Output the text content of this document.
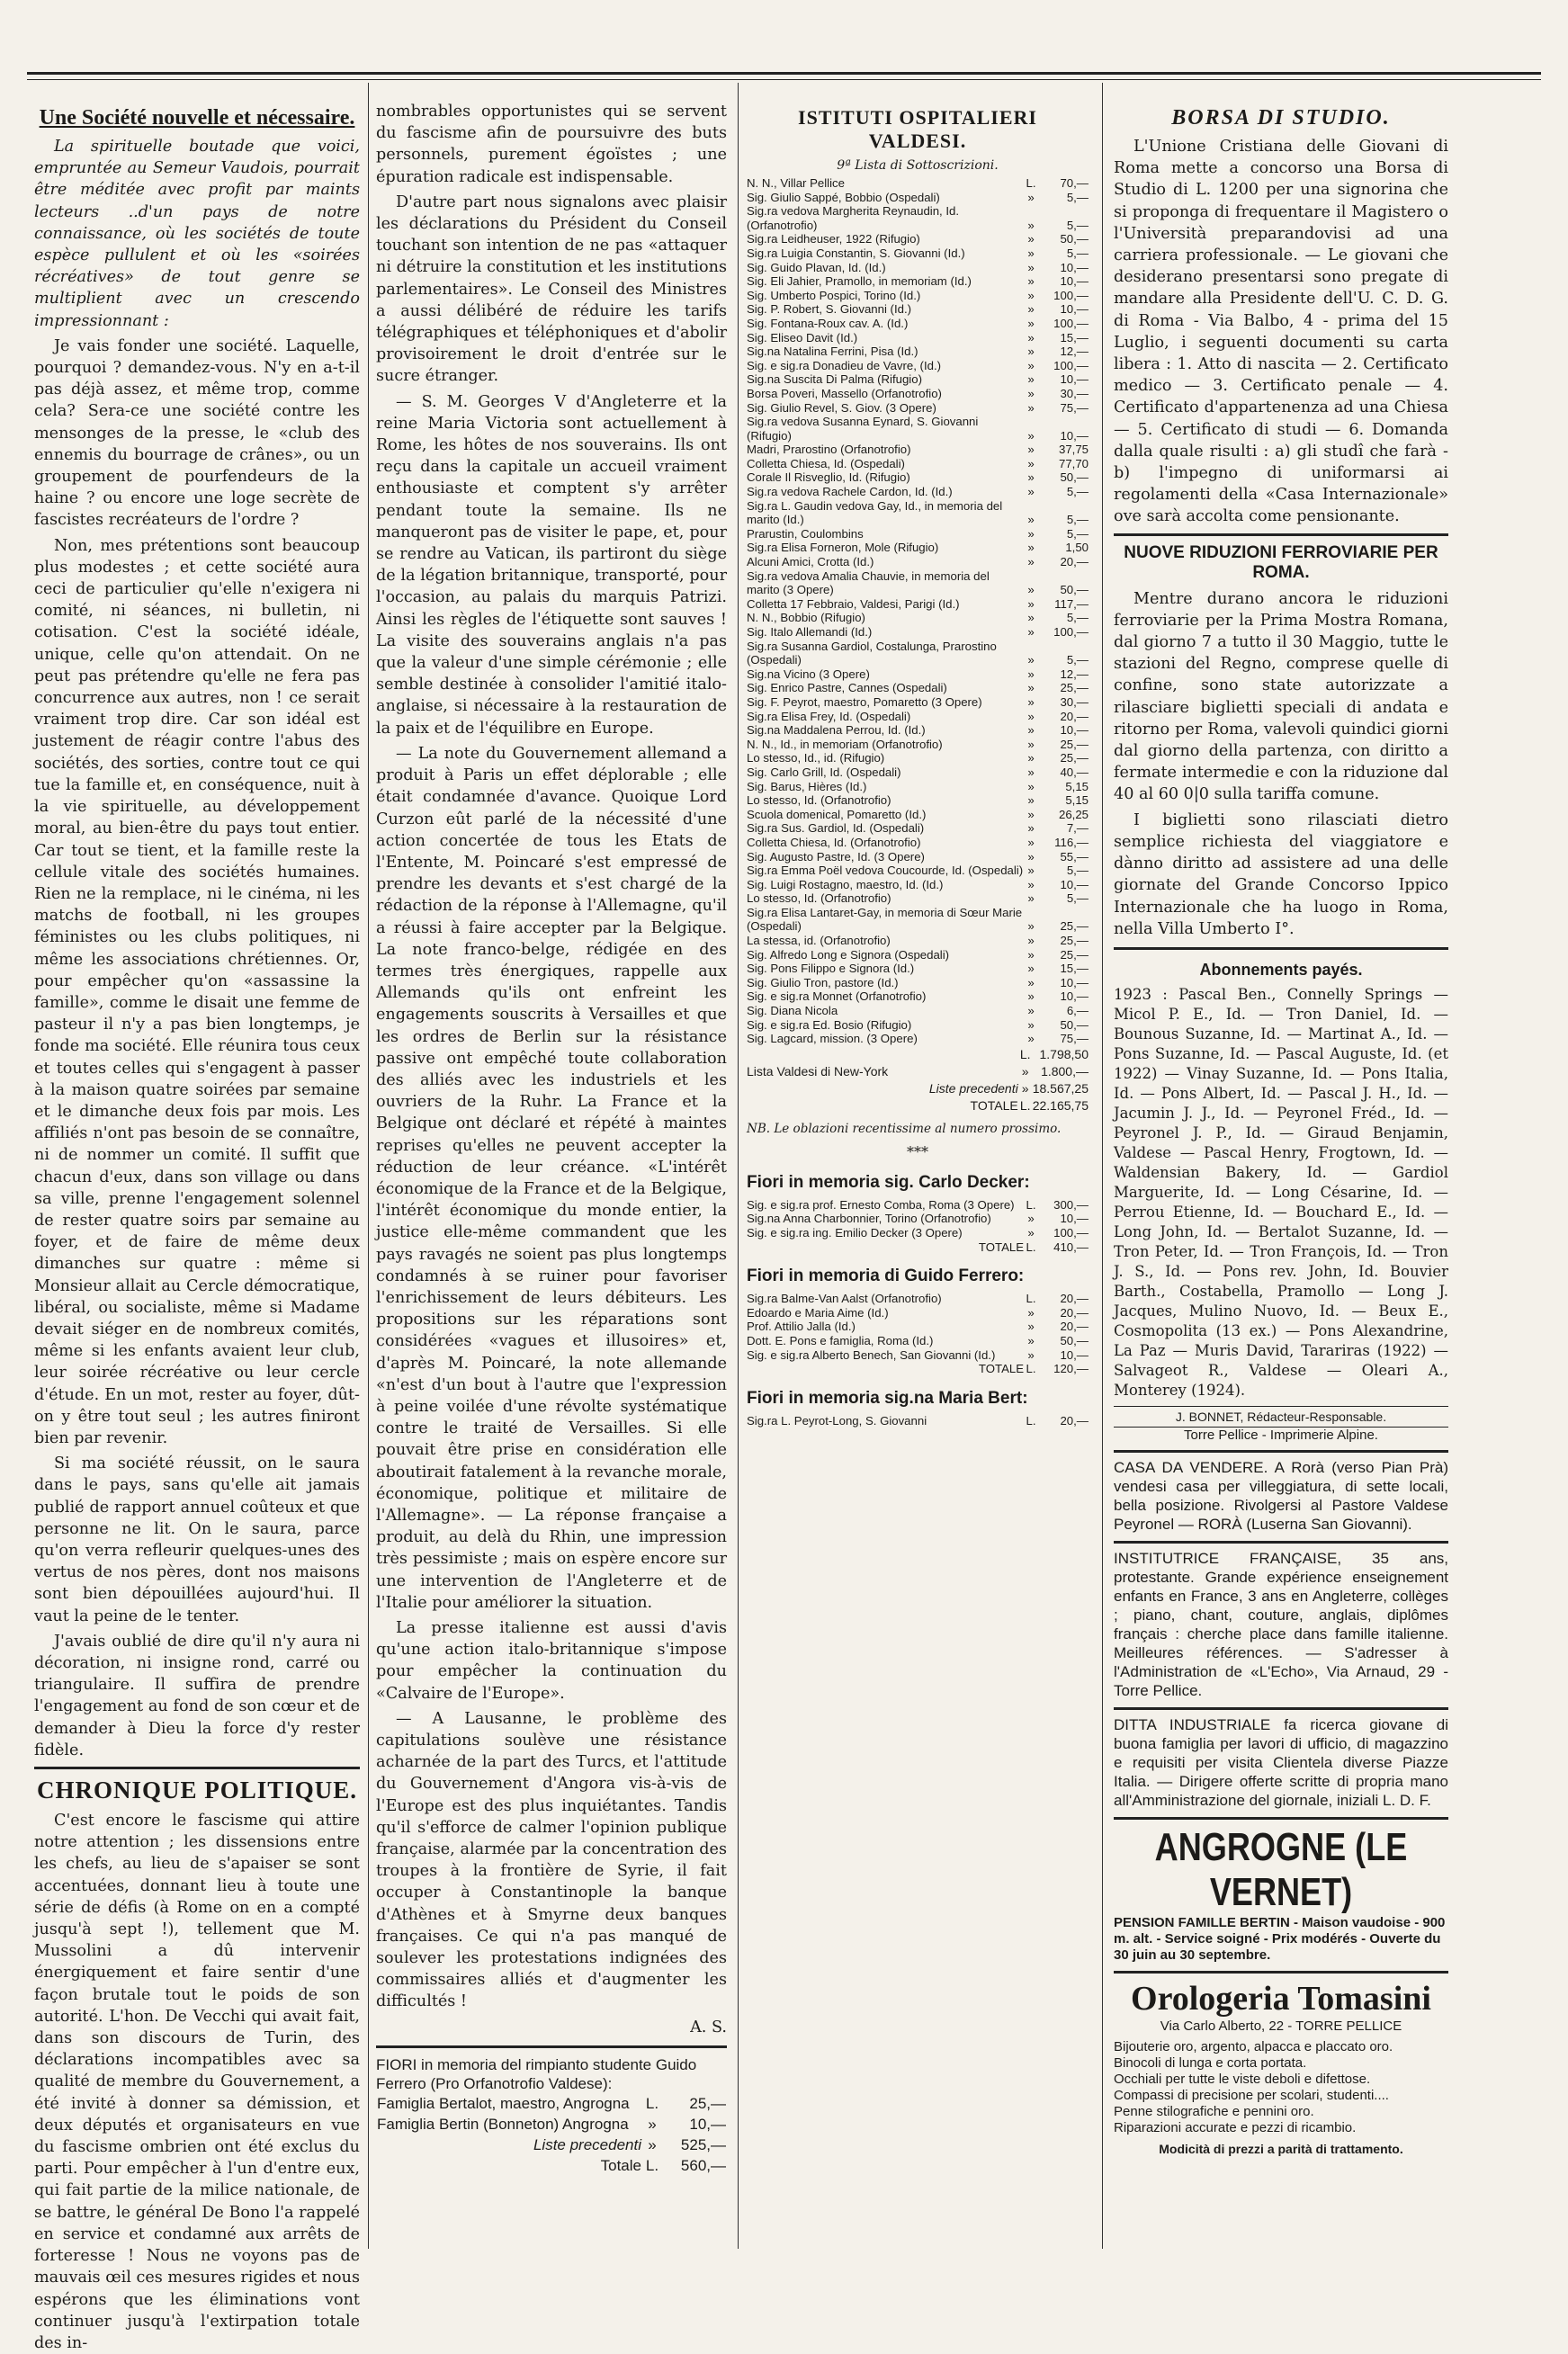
Une Société nouvelle et nécessaire.

La spirituelle boutade que voici, empruntée au Semeur Vaudois, pourrait être méditée avec profit par maints lecteurs ..d'un pays de notre connaissance, où les sociétés de toute espèce pullulent et où les «soirées récréatives» de tout genre se multiplient avec un crescendo impressionnant :

Je vais fonder une société. Laquelle, pourquoi ? demandez-vous. N'y en a-t-il pas déjà assez, et même trop, comme cela? Sera-ce une société contre les mensonges de la presse, le «club des ennemis du bourrage de crânes», ou un groupement de pourfendeurs de la haine ? ou encore une loge secrète de fascistes recréateurs de l'ordre ?

Non, mes prétentions sont beaucoup plus modestes ; et cette société aura ceci de particulier qu'elle n'exigera ni comité, ni séances, ni bulletin, ni cotisation. C'est la société idéale, unique, celle qu'on attendait. On ne peut pas prétendre qu'elle ne fera pas concurrence aux autres, non ! ce serait vraiment trop dire. Car son idéal est justement de réagir contre l'abus des sociétés, des sorties, contre tout ce qui tue la famille et, en conséquence, nuit à la vie spirituelle, au développement moral, au bien-être du pays tout entier. Car tout se tient, et la famille reste la cellule vitale des sociétés humaines. Rien ne la remplace, ni le cinéma, ni les matchs de football, ni les groupes féministes ou les clubs politiques, ni même les associations chrétiennes. Or, pour empêcher qu'on «assassine la famille», comme le disait une femme de pasteur il n'y a pas bien longtemps, je fonde ma société. Elle réunira tous ceux et toutes celles qui s'engagent à passer à la maison quatre soirées par semaine et le dimanche deux fois par mois. Les affiliés n'ont pas besoin de se connaître, ni de nommer un comité. Il suffit que chacun d'eux, dans son village ou dans sa ville, prenne l'engagement solennel de rester quatre soirs par semaine au foyer, et de faire de même deux dimanches sur quatre : même si Monsieur allait au Cercle démocratique, libéral, ou socialiste, même si Madame devait siéger en de nombreux comités, même si les enfants avaient leur club, leur soirée récréative ou leur cercle d'étude. En un mot, rester au foyer, dût-on y être tout seul ; les autres finiront bien par revenir.

Si ma société réussit, on le saura dans le pays, sans qu'elle ait jamais publié de rapport annuel coûteux et que personne ne lit. On le saura, parce qu'on verra refleurir quelques-unes des vertus de nos pères, dont nos maisons sont bien dépouillées aujourd'hui. Il vaut la peine de le tenter.

J'avais oublié de dire qu'il n'y aura ni décoration, ni insigne rond, carré ou triangulaire. Il suffira de prendre l'engagement au fond de son cœur et de demander à Dieu la force d'y rester fidèle.

CHRONIQUE POLITIQUE.

C'est encore le fascisme qui attire notre attention ; les dissensions entre les chefs, au lieu de s'apaiser se sont accentuées, donnant lieu à toute une série de défis (à Rome on en a compté jusqu'à sept !), tellement que M. Mussolini a dû intervenir énergiquement et faire sentir d'une façon brutale tout le poids de son autorité. L'hon. De Vecchi qui avait fait, dans son discours de Turin, des déclarations incompatibles avec sa qualité de membre du Gouvernement, a été invité à donner sa démission, et deux députés et organisateurs en vue du fascisme ombrien ont été exclus du parti. Pour empêcher à l'un d'entre eux, qui fait partie de la milice nationale, de se battre, le général De Bono l'a rappelé en service et condamné aux arrêts de forteresse ! Nous ne voyons pas de mauvais œil ces mesures rigides et nous espérons que les éliminations vont continuer jusqu'à l'extirpation totale des in-

nombrables opportunistes qui se servent du fascisme afin de poursuivre des buts personnels, purement égoïstes ; une épuration radicale est indispensable.

D'autre part nous signalons avec plaisir les déclarations du Président du Conseil touchant son intention de ne pas «attaquer ni détruire la constitution et les institutions parlementaires». Le Conseil des Ministres a aussi délibéré de réduire les tarifs télégraphiques et téléphoniques et d'abolir provisoirement le droit d'entrée sur le sucre étranger.

— S. M. Georges V d'Angleterre et la reine Maria Victoria sont actuellement à Rome, les hôtes de nos souverains. Ils ont reçu dans la capitale un accueil vraiment enthousiaste et comptent s'y arrêter pendant toute la semaine. Ils ne manqueront pas de visiter le pape, et, pour se rendre au Vatican, ils partiront du siège de la légation britannique, transporté, pour l'occasion, au palais du marquis Patrizi. Ainsi les règles de l'étiquette sont sauves ! La visite des souverains anglais n'a pas que la valeur d'une simple cérémonie ; elle semble destinée à consolider l'amitié italo-anglaise, si nécessaire à la restauration de la paix et de l'équilibre en Europe.

— La note du Gouvernement allemand a produit à Paris un effet déplorable ; elle était condamnée d'avance. Quoique Lord Curzon eût parlé de la nécessité d'une action concertée de tous les Etats de l'Entente, M. Poincaré s'est empressé de prendre les devants et s'est chargé de la rédaction de la réponse à l'Allemagne, qu'il a réussi à faire accepter par la Belgique. La note franco-belge, rédigée en des termes très énergiques, rappelle aux Allemands qu'ils ont enfreint les engagements souscrits à Versailles et que les ordres de Berlin sur la résistance passive ont empêché toute collaboration des alliés avec les industriels et les ouvriers de la Ruhr. La France et la Belgique ont déclaré et répété à maintes reprises qu'elles ne peuvent accepter la réduction de leur créance. «L'intérêt économique de la France et de la Belgique, l'intérêt économique du monde entier, la justice elle-même commandent que les pays ravagés ne soient pas plus longtemps condamnés à se ruiner pour favoriser l'enrichissement de leurs débiteurs. Les propositions sur les réparations sont considérées «vagues et illusoires» et, d'après M. Poincaré, la note allemande «n'est d'un bout à l'autre que l'expression à peine voilée d'une révolte systématique contre le traité de Versailles. Si elle pouvait être prise en considération elle aboutirait fatalement à la revanche morale, économique, politique et militaire de l'Allemagne». — La réponse française a produit, au delà du Rhin, une impression très pessimiste ; mais on espère encore sur une intervention de l'Angleterre et de l'Italie pour améliorer la situation.

La presse italienne est aussi d'avis qu'une action italo-britannique s'impose pour empêcher la continuation du «Calvaire de l'Europe».

— A Lausanne, le problème des capitulations soulève une résistance acharnée de la part des Turcs, et l'attitude du Gouvernement d'Angora vis-à-vis de l'Europe est des plus inquiétantes. Tandis qu'il s'efforce de calmer l'opinion publique française, alarmée par la concentration des troupes à la frontière de Syrie, il fait occuper à Constantinople la banque d'Athènes et à Smyrne deux banques françaises. Ce qui n'a pas manqué de soulever les protestations indignées des commissaires alliés et d'augmenter les difficultés !

A. S.

FIORI in memoria del rimpianto studente Guido Ferrero (Pro Orfanotrofio Valdese):
Famiglia Bertalot, maestro, Angrogna	L.	25,—
Famiglia Bertin (Bonneton) Angrogna	»	10,—
Liste precedenti	»	525,—
Totale	L.	560,—
ISTITUTI OSPITALIERI VALDESI.
9ª Lista di Sottoscrizioni.
N. N., Villar Pellice	L.	70,—
Sig. Giulio Sappé, Bobbio (Ospedali)	»	5,—
Sig.ra vedova Margherita Reynaudin, Id. (Orfanotrofio)	»	5,—
Sig.ra Leidheuser, 1922 (Rifugio)	»	50,—
Sig.ra Luigia Constantin, S. Giovanni (Id.)	»	5,—
Sig. Guido Plavan, Id. (Id.)	»	10,—
Sig. Eli Jahier, Pramollo, in memoriam (Id.)	»	10,—
Sig. Umberto Pospici, Torino (Id.)	»	100,—
Sig. P. Robert, S. Giovanni (Id.)	»	10,—
Sig. Fontana-Roux cav. A. (Id.)	»	100,—
Sig. Eliseo Davit (Id.)	»	15,—
Sig.na Natalina Ferrini, Pisa (Id.)	»	12,—
Sig. e sig.ra Donadieu de Vavre, (Id.)	»	100,—
Sig.na Suscita Di Palma (Rifugio)	»	10,—
Borsa Poveri, Massello (Orfanotrofio)	»	30,—
Sig. Giulio Revel, S. Giov. (3 Opere)	»	75,—
Sig.ra vedova Susanna Eynard, S. Giovanni (Rifugio)	»	10,—
Madri, Prarostino (Orfanotrofio)	»	37,75
Colletta Chiesa, Id. (Ospedali)	»	77,70
Corale Il Risveglio, Id. (Rifugio)	»	50,—
Sig.ra vedova Rachele Cardon, Id. (Id.)	»	5,—
Sig.ra L. Gaudin vedova Gay, Id., in memoria del marito (Id.)	»	5,—
Prarustin, Coulombins	»	5,—
Sig.ra Elisa Forneron, Mole (Rifugio)	»	1,50
Alcuni Amici, Crotta (Id.)	»	20,—
Sig.ra vedova Amalia Chauvie, in memoria del marito (3 Opere)	»	50,—
Colletta 17 Febbraio, Valdesi, Parigi (Id.)	»	117,—
N. N., Bobbio (Rifugio)	»	5,—
Sig. Italo Allemandi (Id.)	»	100,—
Sig.ra Susanna Gardiol, Costalunga, Prarostino (Ospedali)	»	5,—
Sig.na Vicino (3 Opere)	»	12,—
Sig. Enrico Pastre, Cannes (Ospedali)	»	25,—
Sig. F. Peyrot, maestro, Pomaretto (3 Opere)	»	30,—
Sig.ra Elisa Frey, Id. (Ospedali)	»	20,—
Sig.na Maddalena Perrou, Id. (Id.)	»	10,—
N. N., Id., in memoriam (Orfanotrofio)	»	25,—
Lo stesso, Id., id. (Rifugio)	»	25,—
Sig. Carlo Grill, Id. (Ospedali)	»	40,—
Sig. Barus, Hières (Id.)	»	5,15
Lo stesso, Id. (Orfanotrofio)	»	5,15
Scuola domenical, Pomaretto (Id.)	»	26,25
Sig.ra Sus. Gardiol, Id. (Ospedali)	»	7,—
Colletta Chiesa, Id. (Orfanotrofio)	»	116,—
Sig. Augusto Pastre, Id. (3 Opere)	»	55,—
Sig.ra Emma Poël vedova Coucourde, Id. (Ospedali)	»	5,—
Sig. Luigi Rostagno, maestro, Id. (Id.)	»	10,—
Lo stesso, Id. (Orfanotrofio)	»	5,—
Sig.ra Elisa Lantaret-Gay, in memoria di Sœur Marie (Ospedali)	»	25,—
La stessa, id. (Orfanotrofio)	»	25,—
Sig. Alfredo Long e Signora (Ospedali)	»	25,—
Sig. Pons Filippo e Signora (Id.)	»	15,—
Sig. Giulio Tron, pastore (Id.)	»	10,—
Sig. e sig.ra Monnet (Orfanotrofio)	»	10,—
Sig. Diana Nicola	»	6,—
Sig. e sig.ra Ed. Bosio (Rifugio)	»	50,—
Sig. Lagcard, mission. (3 Opere)	»	75,—
	L.	1.798,50
Lista Valdesi di New-York	»	1.800,—
Liste precedenti	»	18.567,25
TOTALE	L.	22.165,75
NB. Le oblazioni recentissime al numero prossimo.
***
Fiori in memoria sig. Carlo Decker:
Sig. e sig.ra prof. Ernesto Comba, Roma (3 Opere)	L.	300,—
Sig.na Anna Charbonnier, Torino (Orfanotrofio)	»	10,—
Sig. e sig.ra ing. Emilio Decker (3 Opere)	»	100,—
TOTALE	L.	410,—
Fiori in memoria di Guido Ferrero:
Sig.ra Balme-Van Aalst (Orfanotrofio)	L.	20,—
Edoardo e Maria Aime (Id.)	»	20,—
Prof. Attilio Jalla (Id.)	»	20,—
Dott. E. Pons e famiglia, Roma (Id.)	»	50,—
Sig. e sig.ra Alberto Benech, San Giovanni (Id.)	»	10,—
TOTALE	L.	120,—
Fiori in memoria sig.na Maria Bert:
Sig.ra L. Peyrot-Long, S. Giovanni	L.	20,—
BORSA DI STUDIO.

L'Unione Cristiana delle Giovani di Roma mette a concorso una Borsa di Studio di L. 1200 per una signorina che si proponga di frequentare il Magistero o l'Università preparandovisi ad una carriera professionale. — Le giovani che desiderano presentarsi sono pregate di mandare alla Presidente dell'U. C. D. G. di Roma - Via Balbo, 4 - prima del 15 Luglio, i seguenti documenti su carta libera : 1. Atto di nascita — 2. Certificato medico — 3. Certificato penale — 4. Certificato d'appartenenza ad una Chiesa — 5. Certificato di studi — 6. Domanda dalla quale risulti : a) gli studî che farà - b) l'impegno di uniformarsi ai regolamenti della «Casa Internazionale» ove sarà accolta come pensionante.

NUOVE RIDUZIONI FERROVIARIE PER ROMA.

Mentre durano ancora le riduzioni ferroviarie per la Prima Mostra Romana, dal giorno 7 a tutto il 30 Maggio, tutte le stazioni del Regno, comprese quelle di confine, sono state autorizzate a rilasciare biglietti speciali di andata e ritorno per Roma, valevoli quindici giorni dal giorno della partenza, con diritto a fermate intermedie e con la riduzione dal 40 al 60 0|0 sulla tariffa comune.

I biglietti sono rilasciati dietro semplice richiesta del viaggiatore e dànno diritto ad assistere ad una delle giornate del Grande Concorso Ippico Internazionale che ha luogo in Roma, nella Villa Umberto I°.

Abonnements payés.

1923 : Pascal Ben., Connelly Springs — Micol P. E., Id. — Tron Daniel, Id. — Bounous Suzanne, Id. — Martinat A., Id. — Pons Suzanne, Id. — Pascal Auguste, Id. (et 1922) — Vinay Suzanne, Id. — Pons Italia, Id. — Pons Albert, Id. — Pascal J. H., Id. — Jacumin J. J., Id. — Peyronel Fréd., Id. — Peyronel J. P., Id. — Giraud Benjamin, Valdese — Pascal Henry, Frogtown, Id. — Waldensian Bakery, Id. — Gardiol Marguerite, Id. — Long Césarine, Id. — Perrou Etienne, Id. — Bouchard E., Id. — Long John, Id. — Bertalot Suzanne, Id. — Tron Peter, Id. — Tron François, Id. — Tron J. S., Id. — Pons rev. John, Id. Bouvier Barth., Costabella, Pramollo — Long J. Jacques, Mulino Nuovo, Id. — Beux E., Cosmopolita (13 ex.) — Pons Alexandrine, La Paz — Muris David, Tarariras (1922) — Salvageot R., Valdese — Oleari A., Monterey (1924).

J. BONNET, Rédacteur-Responsable.
Torre Pellice - Imprimerie Alpine.
CASA DA VENDERE. A Rorà (verso Pian Prà) vendesi casa per villeggiatura, di sette locali, bella posizione. Rivolgersi al Pastore Valdese Peyronel — RORÀ (Luserna San Giovanni).
INSTITUTRICE FRANÇAISE, 35 ans, protestante. Grande expérience enseignement enfants en France, 3 ans en Angleterre, collèges ; piano, chant, couture, anglais, diplômes français : cherche place dans famille italienne. Meilleures références. — S'adresser à l'Administration de «L'Echo», Via Arnaud, 29 - Torre Pellice.
DITTA INDUSTRIALE fa ricerca giovane di buona famiglia per lavori di ufficio, di magazzino e requisiti per visita Clientela diverse Piazze Italia. — Dirigere offerte scritte di propria mano all'Amministrazione del giornale, iniziali L. D. F.
ANGROGNE (LE VERNET)
PENSION FAMILLE BERTIN - Maison vaudoise - 900 m. alt. - Service soigné - Prix modérés - Ouverte du 30 juin au 30 septembre.
Orologeria Tomasini
Via Carlo Alberto, 22 - TORRE PELLICE
Bijouterie oro, argento, alpacca e placcato oro.
Binocoli di lunga e corta portata.
Occhiali per tutte le viste deboli e difettose.
Compassi di precisione per scolari, studenti....
Penne stilografiche e pennini oro.
Riparazioni accurate e pezzi di ricambio.
Modicità di prezzi a parità di trattamento.
